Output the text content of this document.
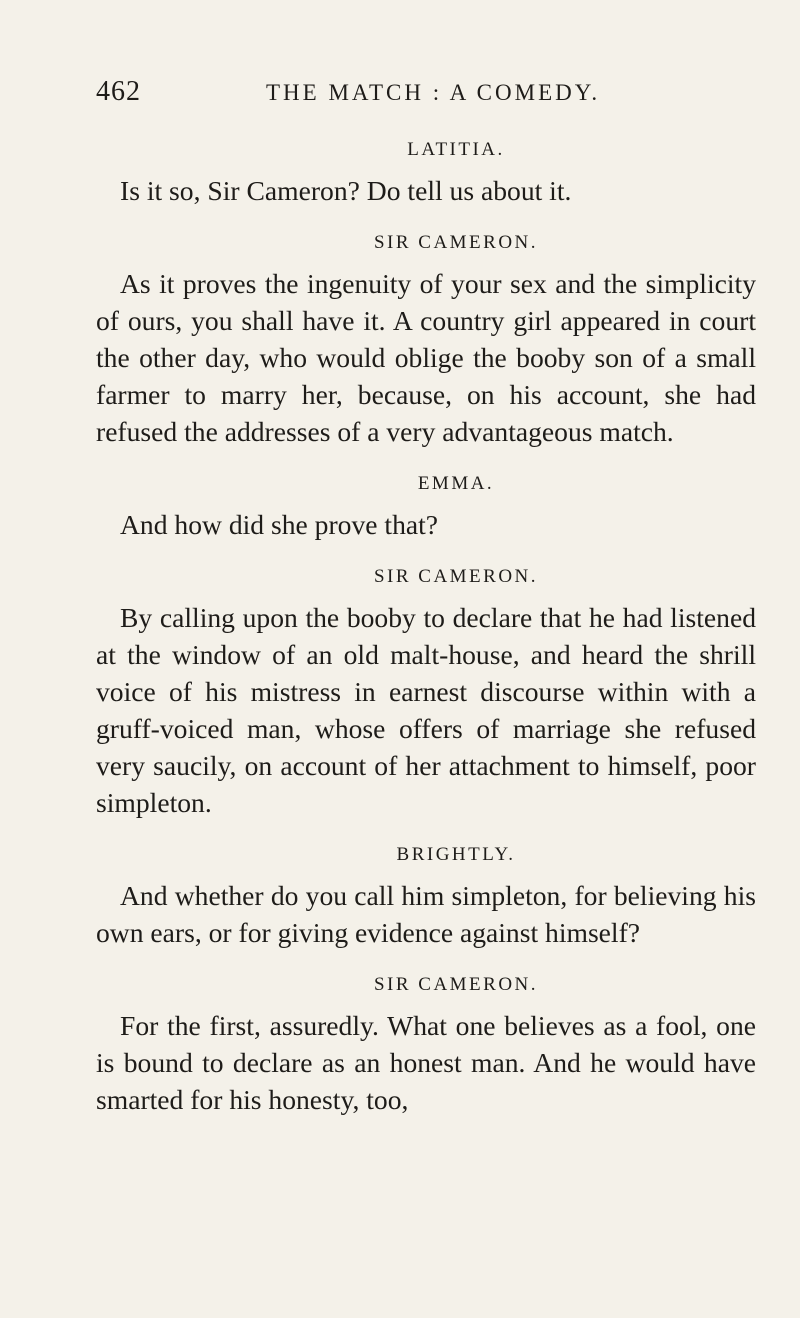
462	THE MATCH : A COMEDY.
LATITIA.

Is it so, Sir Cameron? Do tell us about it.

SIR CAMERON.

As it proves the ingenuity of your sex and the simplicity of ours, you shall have it. A country girl appeared in court the other day, who would oblige the booby son of a small farmer to marry her, because, on his account, she had refused the addresses of a very advantageous match.

EMMA.

And how did she prove that?

SIR CAMERON.

By calling upon the booby to declare that he had listened at the window of an old malt-house, and heard the shrill voice of his mistress in earnest discourse within with a gruff-voiced man, whose offers of marriage she refused very saucily, on account of her attachment to himself, poor simpleton.

BRIGHTLY.

And whether do you call him simpleton, for believing his own ears, or for giving evidence against himself?

SIR CAMERON.

For the first, assuredly. What one believes as a fool, one is bound to declare as an honest man. And he would have smarted for his honesty, too,
